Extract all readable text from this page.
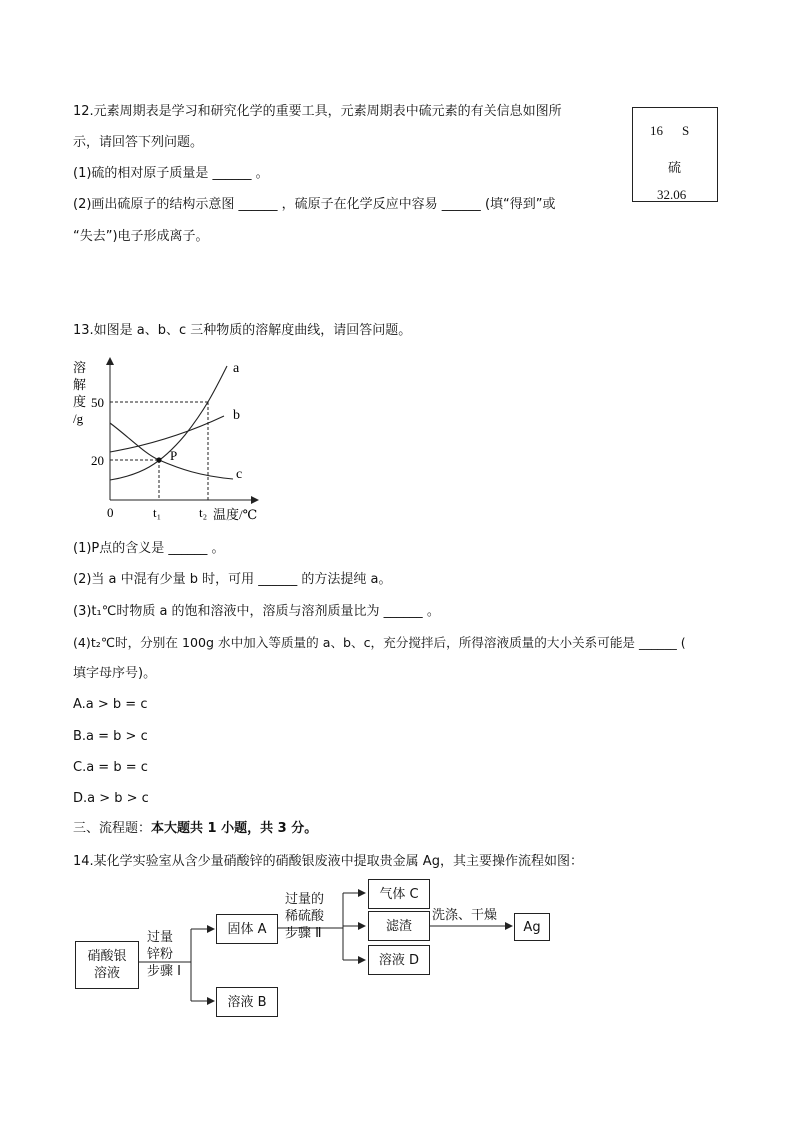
12.元素周期表是学习和研究化学的重要工具，元素周期表中硫元素的有关信息如图所
示，请回答下列问题。
(1)硫的相对原子质量是 ______ 。
(2)画出硫原子的结构示意图 ______ ，硫原子在化学反应中容易 ______ (填“得到”或
“失去”)电子形成离子。
16 S
硫
32.06
13.如图是 a、b、c 三种物质的溶解度曲线，请回答问题。
溶
解
度
/g
50
20
0	t₁	t₂ 温度/℃
a
b
c
P
(1)P点的含义是 ______ 。
(2)当 a 中混有少量 b 时，可用 ______ 的方法提纯 a。
(3)t₁℃时物质 a 的饱和溶液中，溶质与溶剂质量比为 ______ 。
(4)t₂℃时，分别在 100g 水中加入等质量的 a、b、c，充分搅拌后，所得溶液质量的大小关系可能是 ______ (
填字母序号)。
A.a > b = c
B.a = b > c
C.a = b = c
D.a > b > c
三、流程题：本大题共 1 小题，共 3 分。
14.某化学实验室从含少量硝酸锌的硝酸银废液中提取贵金属 Ag，其主要操作流程如图：
硝酸银
溶液
过量
锌粉
步骤 I
固体 A
溶液 B
过量的
稀硫酸
步骤 Ⅱ
气体 C
滤渣
溶液 D
洗涤、干燥
Ag
